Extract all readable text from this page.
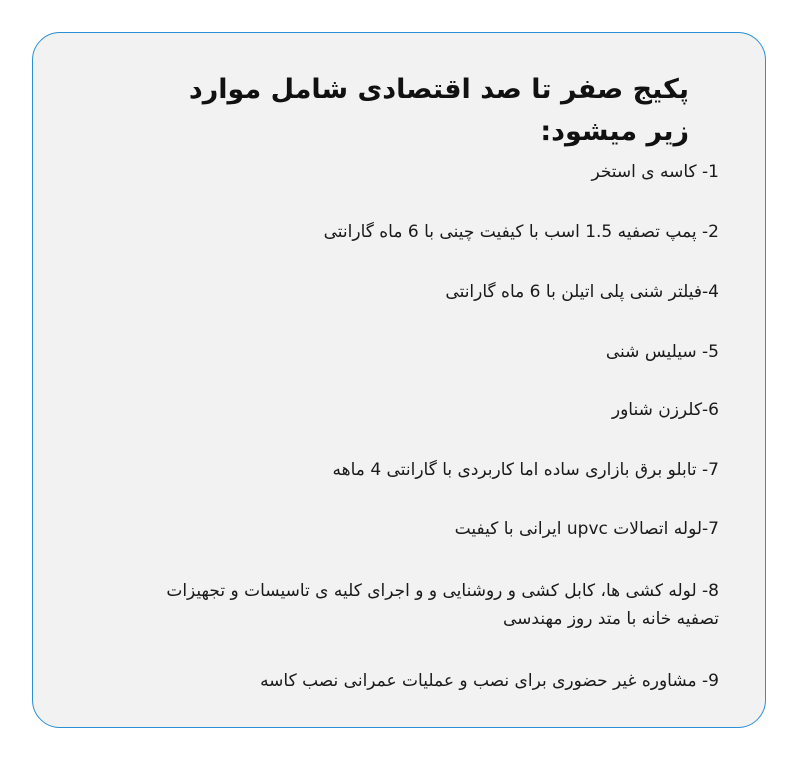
پکیج صفر تا صد اقتصادی شامل موارد زیر میشود:

1- کاسه ی استخر

2- پمپ تصفیه 1.5 اسب با کیفیت چینی با 6 ماه گارانتی

4-فیلتر شنی پلی اتیلن با 6 ماه گارانتی

5- سیلیس شنی

6-کلرزن شناور

7- تابلو برق بازاری ساده اما کاربردی با گارانتی 4 ماهه

7-لوله اتصالات upvc ایرانی با کیفیت

8- لوله کشی ها، کابل کشی و روشنایی و و اجرای کلیه ی تاسیسات و تجهیزات تصفیه خانه با متد روز مهندسی

9- مشاوره غیر حضوری برای نصب و عملیات عمرانی نصب کاسه
